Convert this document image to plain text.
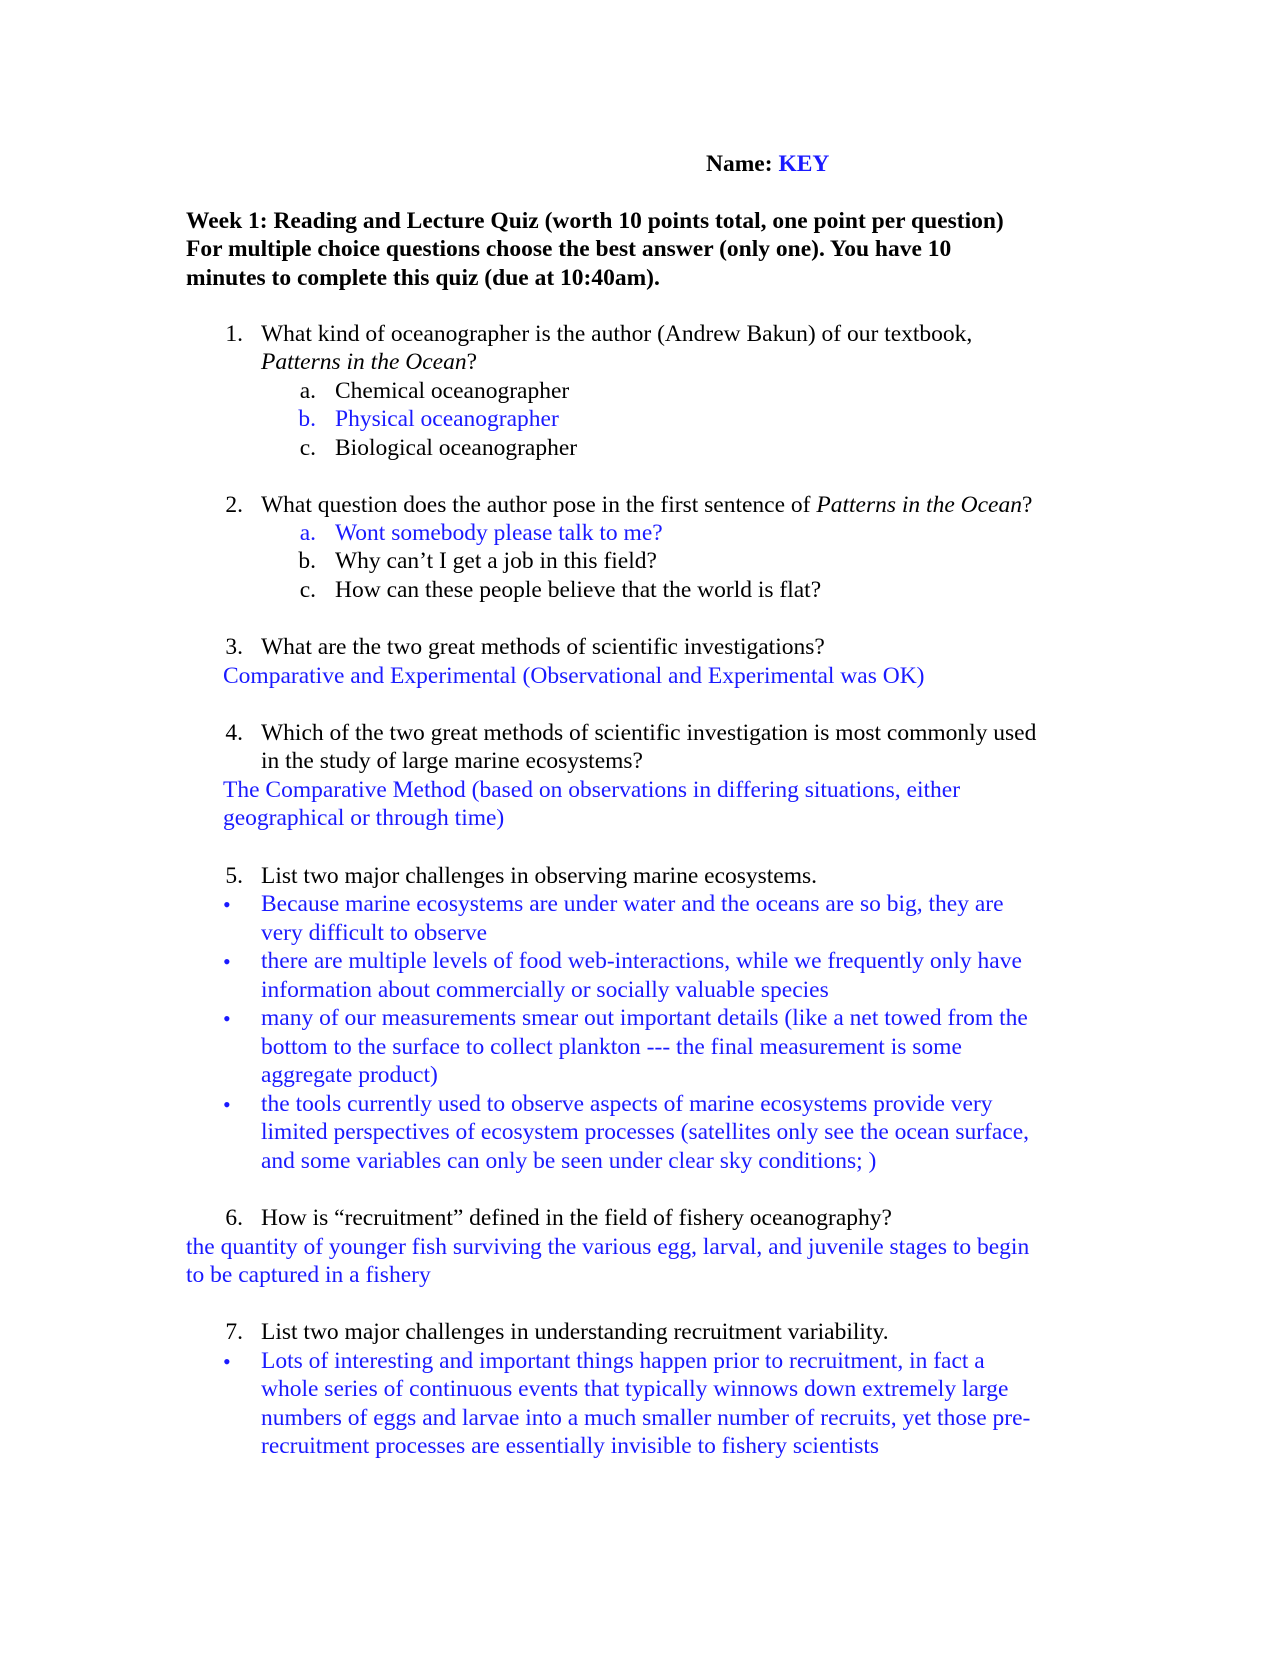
Name: KEY
Week 1: Reading and Lecture Quiz (worth 10 points total, one point per question)
For multiple choice questions choose the best answer (only one). You have 10
minutes to complete this quiz (due at 10:40am).
1. What kind of oceanographer is the author (Andrew Bakun) of our textbook,
Patterns in the Ocean?
a. Chemical oceanographer
b. Physical oceanographer
c. Biological oceanographer
2. What question does the author pose in the first sentence of Patterns in the Ocean?
a. Wont somebody please talk to me?
b. Why can’t I get a job in this field?
c. How can these people believe that the world is flat?
3. What are the two great methods of scientific investigations?
Comparative and Experimental (Observational and Experimental was OK)
4. Which of the two great methods of scientific investigation is most commonly used
in the study of large marine ecosystems?
The Comparative Method (based on observations in differing situations, either
geographical or through time)
5. List two major challenges in observing marine ecosystems.
• Because marine ecosystems are under water and the oceans are so big, they are
very difficult to observe
• there are multiple levels of food web-interactions, while we frequently only have
information about commercially or socially valuable species
• many of our measurements smear out important details (like a net towed from the
bottom to the surface to collect plankton --- the final measurement is some
aggregate product)
• the tools currently used to observe aspects of marine ecosystems provide very
limited perspectives of ecosystem processes (satellites only see the ocean surface,
and some variables can only be seen under clear sky conditions; )
6. How is “recruitment” defined in the field of fishery oceanography?
the quantity of younger fish surviving the various egg, larval, and juvenile stages to begin
to be captured in a fishery
7. List two major challenges in understanding recruitment variability.
• Lots of interesting and important things happen prior to recruitment, in fact a
whole series of continuous events that typically winnows down extremely large
numbers of eggs and larvae into a much smaller number of recruits, yet those pre-
recruitment processes are essentially invisible to fishery scientists
